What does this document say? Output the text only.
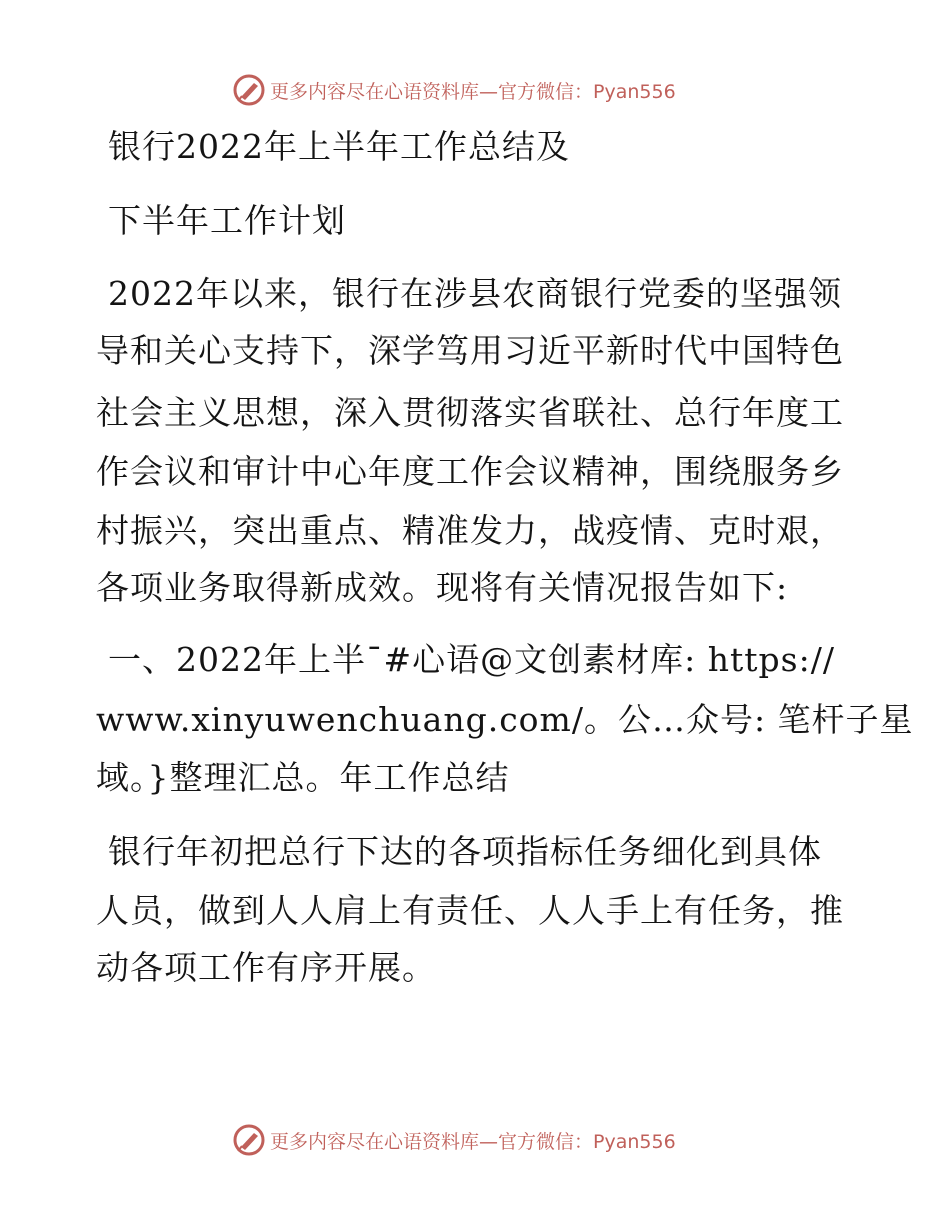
更多内容尽在心语资料库—官方微信：Pyan556
银行2022年上半年工作总结及
下半年工作计划
2022年以来，银行在涉县农商银行党委的坚强领
导和关心支持下，深学笃用习近平新时代中国特色
社会主义思想，深入贯彻落实省联社、总行年度工
作会议和审计中心年度工作会议精神，围绕服务乡
村振兴，突出重点、精准发力，战疫情、克时艰，
各项业务取得新成效。现将有关情况报告如下:
一、2022年上半¯#心语@文创素材库: https://
www.xinyuwenchuang.com/。公…众号: 笔杆子星
域。}整理汇总。年工作总结
银行年初把总行下达的各项指标任务细化到具体
人员，做到人人肩上有责任、人人手上有任务，推
动各项工作有序开展。
更多内容尽在心语资料库—官方微信：Pyan556
